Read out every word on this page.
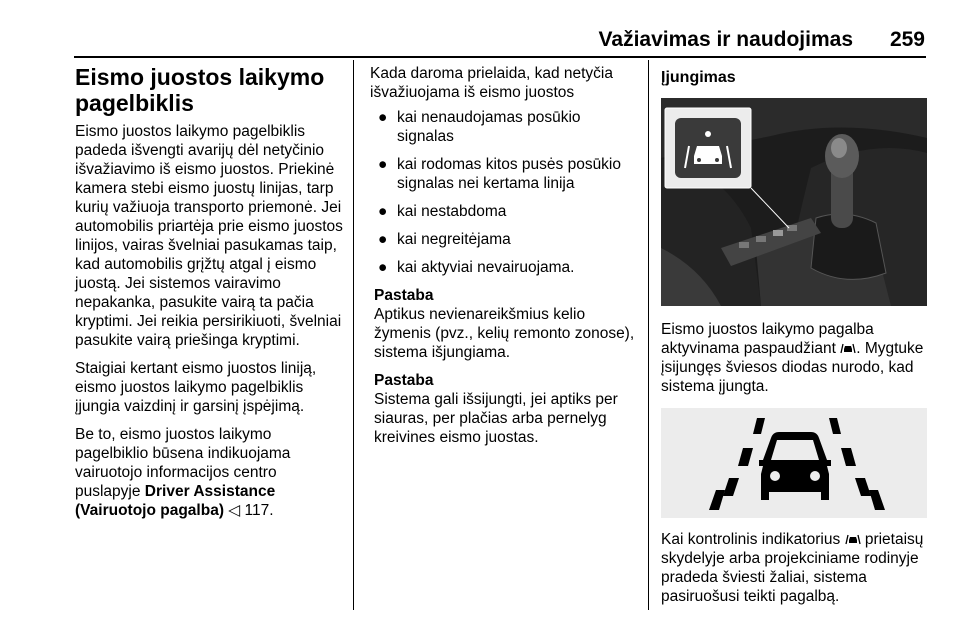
Važiavimas ir naudojimas 259
Eismo juostos laikymo pagelbiklis

Eismo juostos laikymo pagelbiklis padeda išvengti avarijų dėl netyčinio išvažiavimo iš eismo juostos. Priekinė kamera stebi eismo juostų linijas, tarp kurių važiuoja transporto priemonė. Jei automobilis priartėja prie eismo juostos linijos, vairas švelniai pasukamas taip, kad automobilis grįžtų atgal į eismo juostą. Jei sistemos vairavimo nepakanka, pasukite vairą ta pačia kryptimi. Jei reikia persirikiuoti, švelniai pasukite vairą priešinga kryptimi.

Staigiai kertant eismo juostos liniją, eismo juostos laikymo pagelbiklis įjungia vaizdinį ir garsinį įspėjimą.

Be to, eismo juostos laikymo pagelbiklio būsena indikuojama vairuotojo informacijos centro puslapyje Driver Assistance (Vairuotojo pagalba) ◁ 117.

Kada daroma prielaida, kad netyčia išvažiuojama iš eismo juostos

● kai nenaudojamas posūkio signalas
● kai rodomas kitos pusės posūkio signalas nei kertama linija
● kai nestabdoma
● kai negreitėjama
● kai aktyviai nevairuojama.
Pastaba
Aptikus nevienareikšmius kelio žymenis (pvz., kelių remonto zonose), sistema išjungiama.
Pastaba
Sistema gali išsijungti, jei aptiks per siauras, per plačias arba pernelyg kreivines eismo juostas.
Įjungimas

Eismo juostos laikymo pagalba aktyvinama paspaudžiant . Mygtuke įsijungęs šviesos diodas nurodo, kad sistema įjungta.

Kai kontrolinis indikatorius  prietaisų skydelyje arba projekciniame rodinyje pradeda šviesti žaliai, sistema pasiruošusi teikti pagalbą.
